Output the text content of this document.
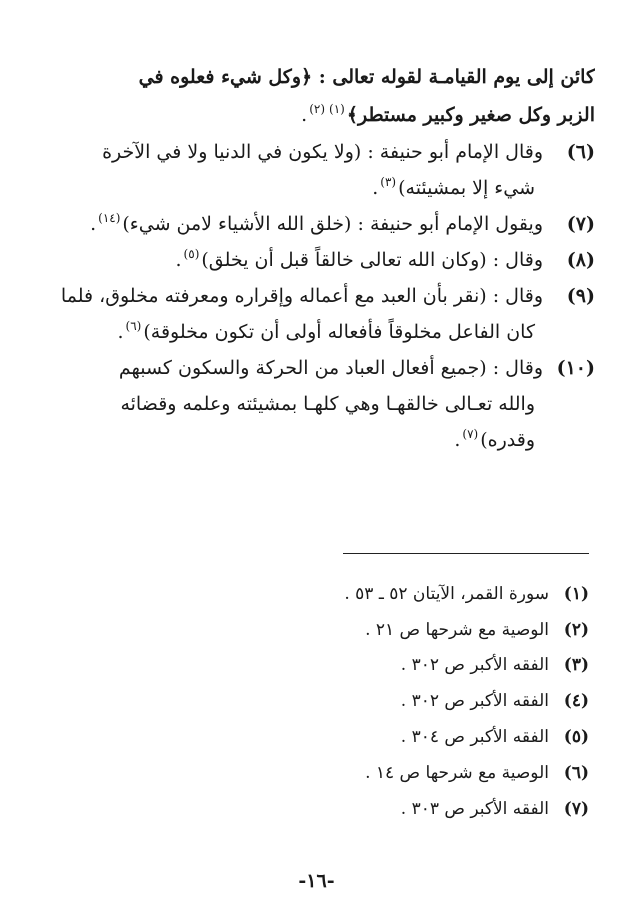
كائن إلى يوم القيامـة لقوله تعالى : ﴿وكل شيء فعلوه في
الزبر وكل صغير وكبير مستطر﴾
(١)
(٢)
.
(٦)
وقال الإمام أبو حنيفة : (ولا يكون في الدنيا ولا في الآخرة
شيء إلا بمشيئته)
(٣)
.
(٧)
ويقول الإمام أبو حنيفة : (خلق الله الأشياء لامن شيء)
(١٤)
.
(٨)
وقال : (وكان الله تعالى خالقاً قبل أن يخلق)
(٥)
.
(٩)
وقال : (نقر بأن العبد مع أعماله وإقراره ومعرفته مخلوق، فلما
كان الفاعل مخلوقاً فأفعاله أولى أن تكون مخلوقة)
(٦)
.
(١٠)
وقال : (جميع أفعال العباد من الحركة والسكون كسبهم
والله تعـالى خالقهـا وهي كلهـا بمشيئته وعلمه وقضائه
وقدره)
(٧)
.
(١)
سورة القمر، الآيتان ٥٢ ـ ٥٣ .
(٢)
الوصية مع شرحها ص ٢١ .
(٣)
الفقه الأكبر ص ٣٠٢ .
(٤)
الفقه الأكبر ص ٣٠٢ .
(٥)
الفقه الأكبر ص ٣٠٤ .
(٦)
الوصية مع شرحها ص ١٤ .
(٧)
الفقه الأكبر ص ٣٠٣ .
-١٦-
